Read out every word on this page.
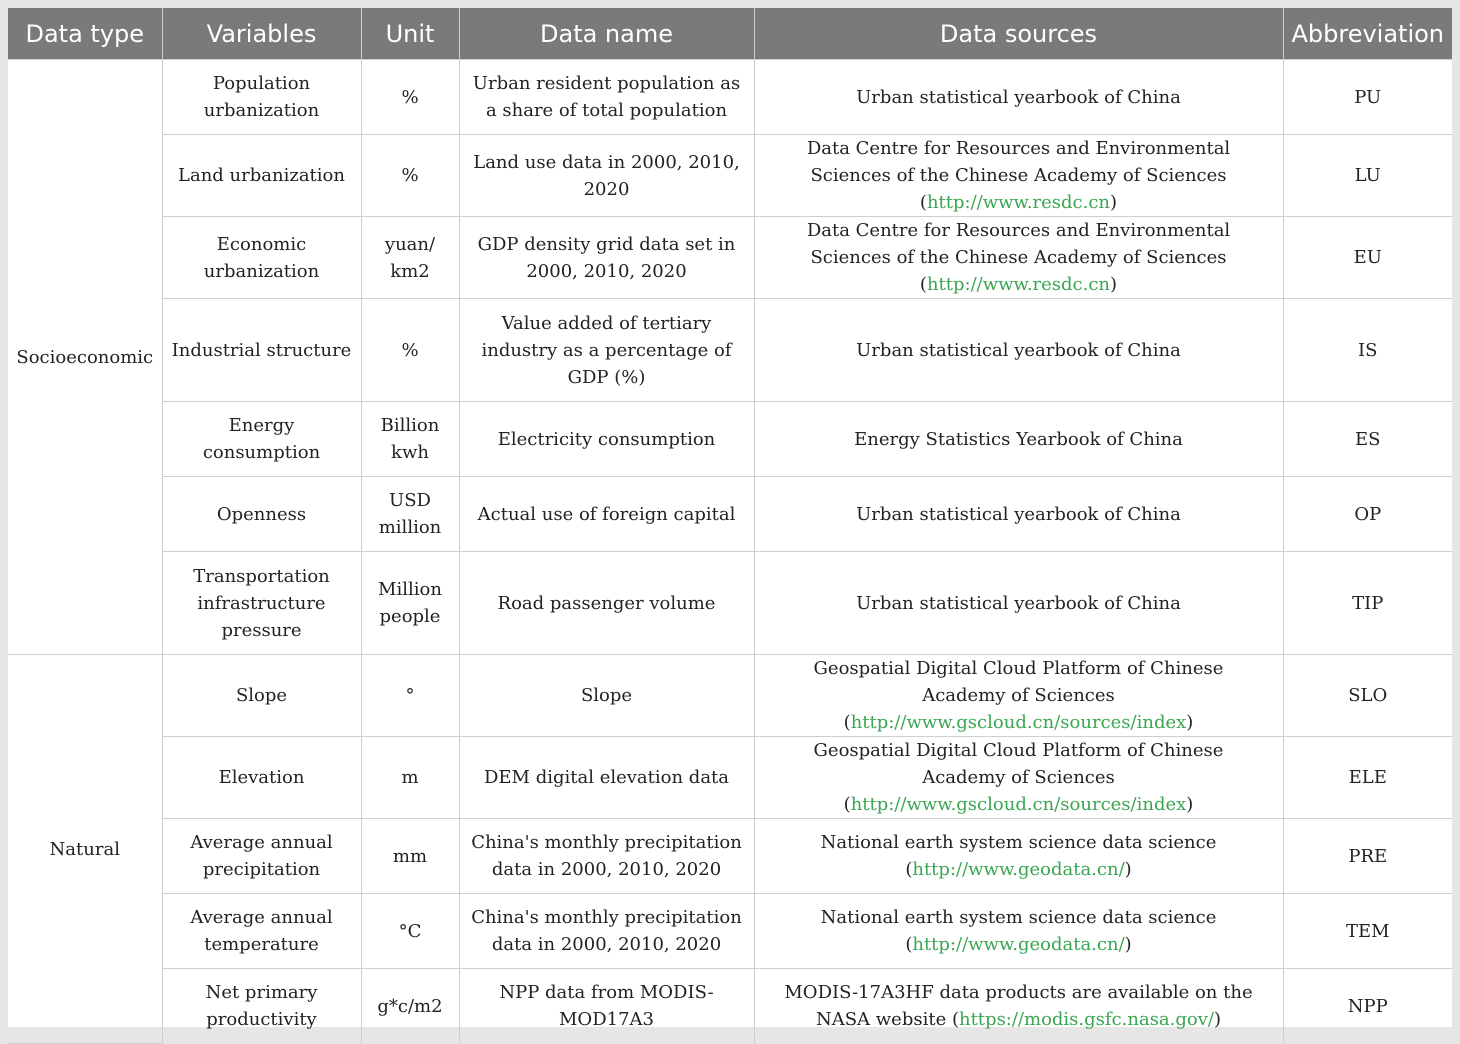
Data type	Variables	Unit	Data name	Data sources	Abbreviation
Socioeconomic	Population urbanization	%	Urban resident population as a share of total population	Urban statistical yearbook of China	PU
	Land urbanization	%	Land use data in 2000, 2010, 2020	Data Centre for Resources and Environmental Sciences of the Chinese Academy of Sciences (http://www.resdc.cn)	LU
	Economic urbanization	yuan/ km2	GDP density grid data set in 2000, 2010, 2020	Data Centre for Resources and Environmental Sciences of the Chinese Academy of Sciences (http://www.resdc.cn)	EU
	Industrial structure	%	Value added of tertiary industry as a percentage of GDP (%)	Urban statistical yearbook of China	IS
	Energy consumption	Billion kwh	Electricity consumption	Energy Statistics Yearbook of China	ES
	Openness	USD million	Actual use of foreign capital	Urban statistical yearbook of China	OP
	Transportation infrastructure pressure	Million people	Road passenger volume	Urban statistical yearbook of China	TIP
Natural	Slope	°	Slope	Geospatial Digital Cloud Platform of Chinese Academy of Sciences (http://www.gscloud.cn/sources/index)	SLO
	Elevation	m	DEM digital elevation data	Geospatial Digital Cloud Platform of Chinese Academy of Sciences (http://www.gscloud.cn/sources/index)	ELE
	Average annual precipitation	mm	China's monthly precipitation data in 2000, 2010, 2020	National earth system science data science (http://www.geodata.cn/)	PRE
	Average annual temperature	°C	China's monthly precipitation data in 2000, 2010, 2020	National earth system science data science (http://www.geodata.cn/)	TEM
	Net primary productivity	g*c/m2	NPP data from MODIS-MOD17A3	MODIS-17A3HF data products are available on the NASA website (https://modis.gsfc.nasa.gov/)	NPP
